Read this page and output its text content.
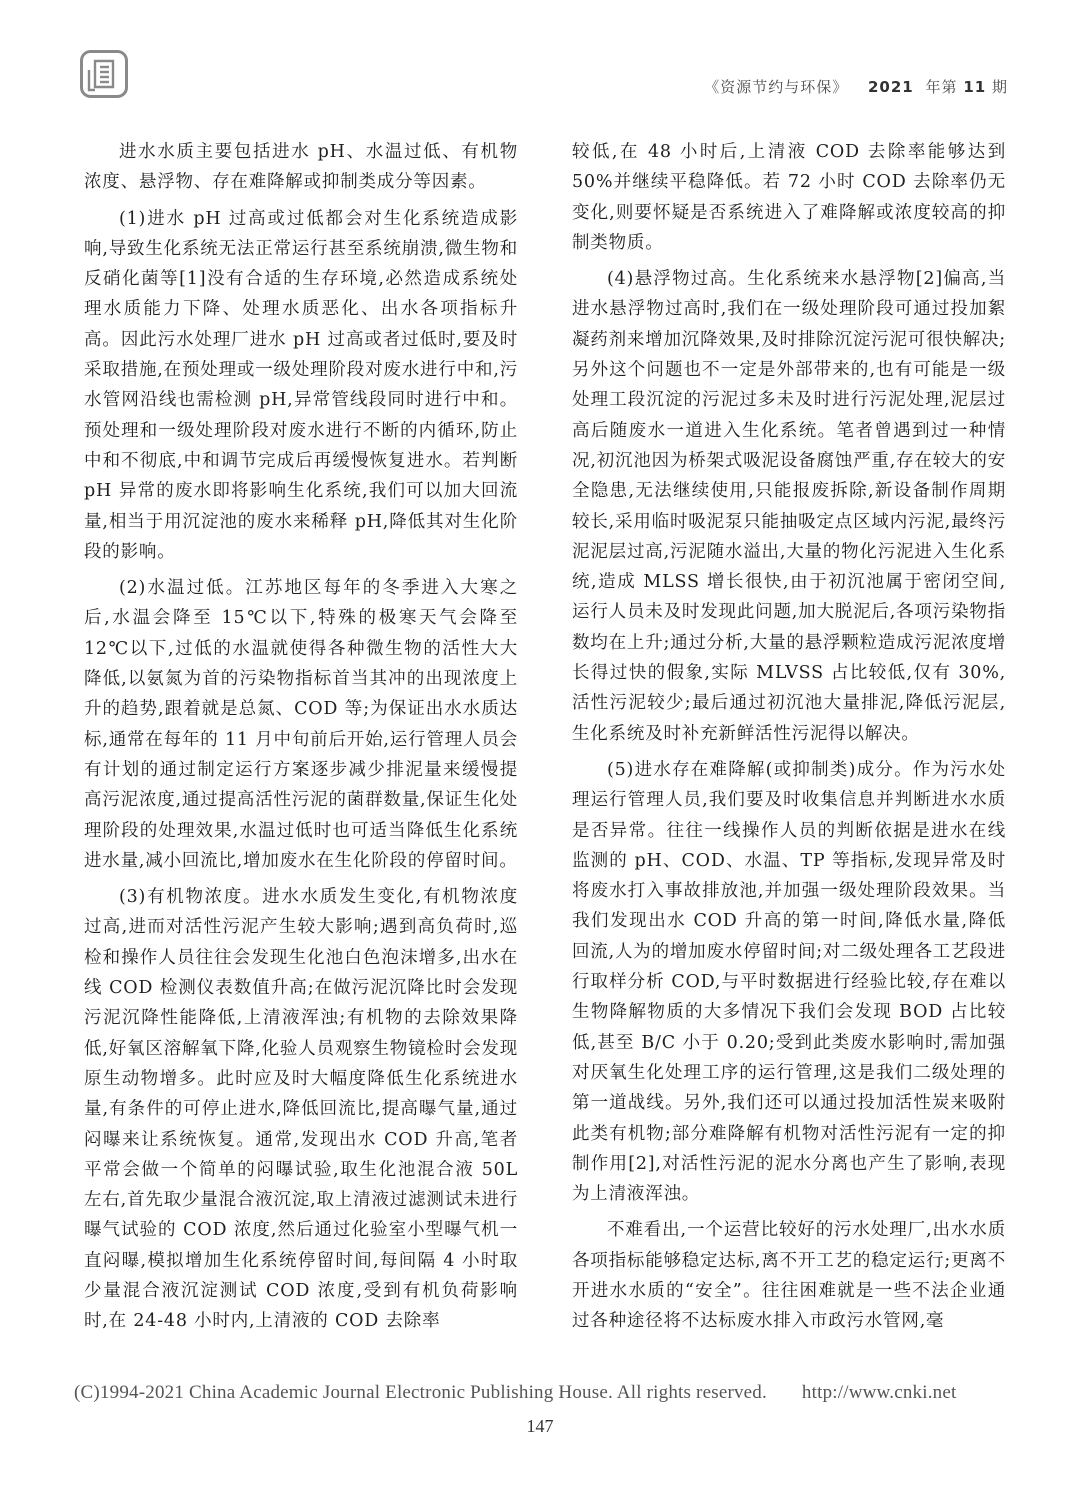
《资源节约与环保》 2021 年第 11 期

进水水质主要包括进水 pH、水温过低、有机物浓度、悬浮物、存在难降解或抑制类成分等因素。

(1)进水 pH 过高或过低都会对生化系统造成影响,导致生化系统无法正常运行甚至系统崩溃,微生物和反硝化菌等[1]没有合适的生存环境,必然造成系统处理水质能力下降、处理水质恶化、出水各项指标升高。因此污水处理厂进水 pH 过高或者过低时,要及时采取措施,在预处理或一级处理阶段对废水进行中和,污水管网沿线也需检测 pH,异常管线段同时进行中和。预处理和一级处理阶段对废水进行不断的内循环,防止中和不彻底,中和调节完成后再缓慢恢复进水。若判断 pH 异常的废水即将影响生化系统,我们可以加大回流量,相当于用沉淀池的废水来稀释 pH,降低其对生化阶段的影响。

(2)水温过低。江苏地区每年的冬季进入大寒之后,水温会降至 15℃以下,特殊的极寒天气会降至 12℃以下,过低的水温就使得各种微生物的活性大大降低,以氨氮为首的污染物指标首当其冲的出现浓度上升的趋势,跟着就是总氮、COD 等;为保证出水水质达标,通常在每年的 11 月中旬前后开始,运行管理人员会有计划的通过制定运行方案逐步减少排泥量来缓慢提高污泥浓度,通过提高活性污泥的菌群数量,保证生化处理阶段的处理效果,水温过低时也可适当降低生化系统进水量,减小回流比,增加废水在生化阶段的停留时间。

(3)有机物浓度。进水水质发生变化,有机物浓度过高,进而对活性污泥产生较大影响;遇到高负荷时,巡检和操作人员往往会发现生化池白色泡沫增多,出水在线 COD 检测仪表数值升高;在做污泥沉降比时会发现污泥沉降性能降低,上清液浑浊;有机物的去除效果降低,好氧区溶解氧下降,化验人员观察生物镜检时会发现原生动物增多。此时应及时大幅度降低生化系统进水量,有条件的可停止进水,降低回流比,提高曝气量,通过闷曝来让系统恢复。通常,发现出水 COD 升高,笔者平常会做一个简单的闷曝试验,取生化池混合液 50L 左右,首先取少量混合液沉淀,取上清液过滤测试未进行曝气试验的 COD 浓度,然后通过化验室小型曝气机一直闷曝,模拟增加生化系统停留时间,每间隔 4 小时取少量混合液沉淀测试 COD 浓度,受到有机负荷影响时,在 24-48 小时内,上清液的 COD 去除率

较低,在 48 小时后,上清液 COD 去除率能够达到 50%并继续平稳降低。若 72 小时 COD 去除率仍无变化,则要怀疑是否系统进入了难降解或浓度较高的抑制类物质。

(4)悬浮物过高。生化系统来水悬浮物[2]偏高,当进水悬浮物过高时,我们在一级处理阶段可通过投加絮凝药剂来增加沉降效果,及时排除沉淀污泥可很快解决;另外这个问题也不一定是外部带来的,也有可能是一级处理工段沉淀的污泥过多未及时进行污泥处理,泥层过高后随废水一道进入生化系统。笔者曾遇到过一种情况,初沉池因为桥架式吸泥设备腐蚀严重,存在较大的安全隐患,无法继续使用,只能报废拆除,新设备制作周期较长,采用临时吸泥泵只能抽吸定点区域内污泥,最终污泥泥层过高,污泥随水溢出,大量的物化污泥进入生化系统,造成 MLSS 增长很快,由于初沉池属于密闭空间,运行人员未及时发现此问题,加大脱泥后,各项污染物指数均在上升;通过分析,大量的悬浮颗粒造成污泥浓度增长得过快的假象,实际 MLVSS 占比较低,仅有 30%,活性污泥较少;最后通过初沉池大量排泥,降低污泥层,生化系统及时补充新鲜活性污泥得以解决。

(5)进水存在难降解(或抑制类)成分。作为污水处理运行管理人员,我们要及时收集信息并判断进水水质是否异常。往往一线操作人员的判断依据是进水在线监测的 pH、COD、水温、TP 等指标,发现异常及时将废水打入事故排放池,并加强一级处理阶段效果。当我们发现出水 COD 升高的第一时间,降低水量,降低回流,人为的增加废水停留时间;对二级处理各工艺段进行取样分析 COD,与平时数据进行经验比较,存在难以生物降解物质的大多情况下我们会发现 BOD 占比较低,甚至 B/C 小于 0.20;受到此类废水影响时,需加强对厌氧生化处理工序的运行管理,这是我们二级处理的第一道战线。另外,我们还可以通过投加活性炭来吸附此类有机物;部分难降解有机物对活性污泥有一定的抑制作用[2],对活性污泥的泥水分离也产生了影响,表现为上清液浑浊。

不难看出,一个运营比较好的污水处理厂,出水水质各项指标能够稳定达标,离不开工艺的稳定运行;更离不开进水水质的“安全”。往往困难就是一些不法企业通过各种途径将不达标废水排入市政污水管网,毫

(C)1994-2021 China Academic Journal Electronic Publishing House. All rights reserved. http://www.cnki.net
147
